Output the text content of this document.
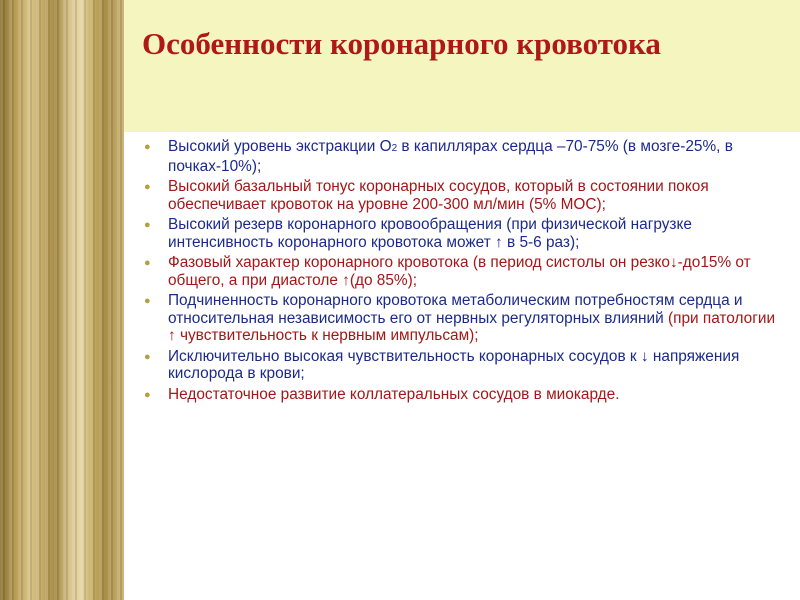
Особенности коронарного кровотока
● Высокий уровень экстракции О2 в капиллярах сердца –70-75% (в мозге-25%, в почках-10%);
● Высокий базальный тонус коронарных сосудов, который в состоянии покоя обеспечивает кровоток на уровне 200-300 мл/мин (5% МОС);
● Высокий резерв коронарного кровообращения (при физической нагрузке интенсивность коронарного кровотока может ↑ в 5-6 раз);
● Фазовый характер коронарного кровотока (в период систолы он резко↓-до15% от общего, а при диастоле ↑(до 85%);
● Подчиненность коронарного кровотока метаболическим потребностям сердца и относительная независимость его от нервных регуляторных влияний (при патологии ↑ чувствительность к нервным импульсам);
● Исключительно высокая чувствительность коронарных сосудов к ↓ напряжения кислорода в крови;
● Недостаточное развитие коллатеральных сосудов в миокарде.
